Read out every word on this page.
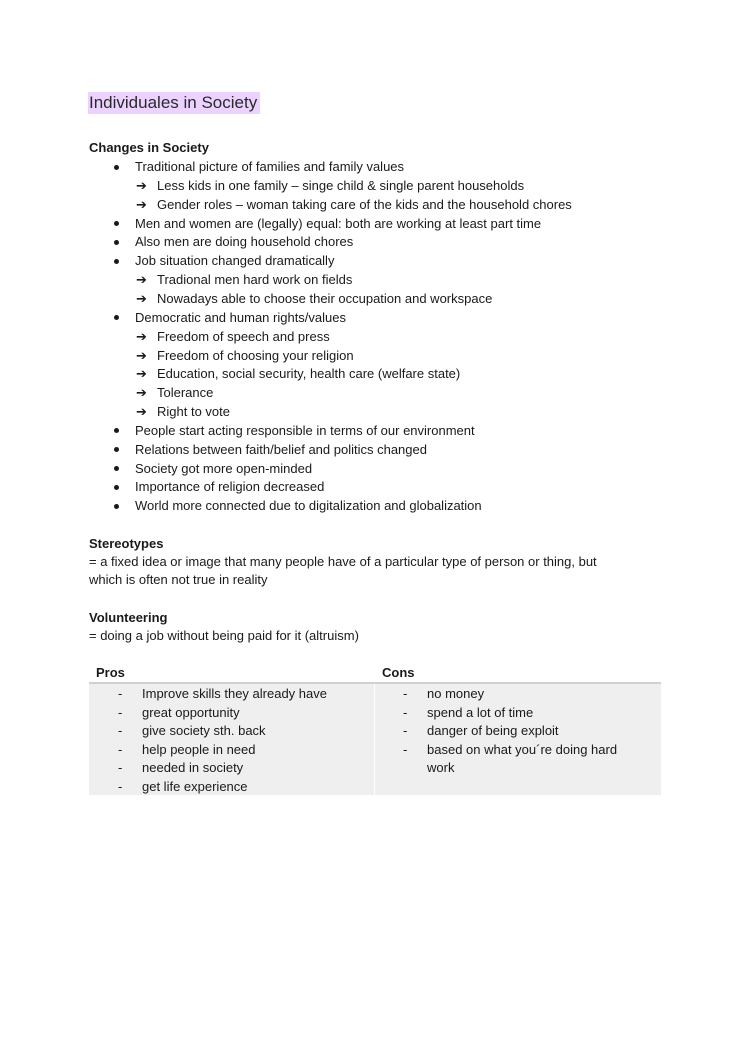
Individuales in Society
Changes in Society
Traditional picture of families and family values
➔ Less kids in one family – singe child & single parent households
➔ Gender roles – woman taking care of the kids and the household chores
Men and women are (legally) equal: both are working at least part time
Also men are doing household chores
Job situation changed dramatically
➔ Tradional men hard work on fields
➔ Nowadays able to choose their occupation and workspace
Democratic and human rights/values
➔ Freedom of speech and press
➔ Freedom of choosing your religion
➔ Education, social security, health care (welfare state)
➔ Tolerance
➔ Right to vote
People start acting responsible in terms of our environment
Relations between faith/belief and politics changed
Society got more open-minded
Importance of religion decreased
World more connected due to digitalization and globalization
Stereotypes
= a fixed idea or image that many people have of a particular type of person or thing, but
which is often not true in reality
Volunteering
= doing a job without being paid for it (altruism)
Pros	Cons
- Improve skills they already have
- great opportunity
- give society sth. back
- help people in need
- needed in society
- get life experience
- no money
- spend a lot of time
- danger of being exploit
- based on what you´re doing hard
work
